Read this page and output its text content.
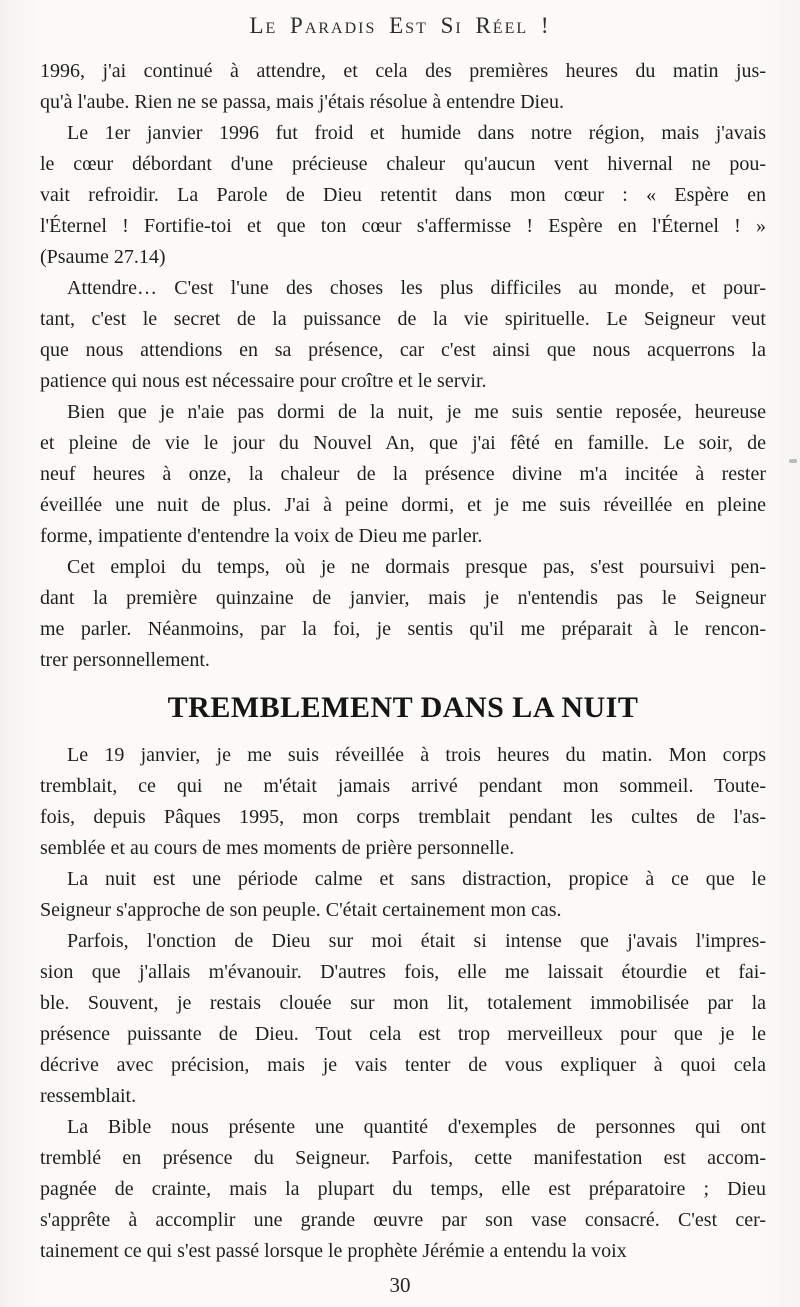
Le Paradis Est Si Réel !
1996, j'ai continué à attendre, et cela des premières heures du matin jus-
qu'à l'aube. Rien ne se passa, mais j'étais résolue à entendre Dieu.
Le 1er janvier 1996 fut froid et humide dans notre région, mais j'avais
le cœur débordant d'une précieuse chaleur qu'aucun vent hivernal ne pou-
vait refroidir. La Parole de Dieu retentit dans mon cœur : « Espère en
l'Éternel ! Fortifie-toi et que ton cœur s'affermisse ! Espère en l'Éternel ! »
(Psaume 27.14)
Attendre… C'est l'une des choses les plus difficiles au monde, et pour-
tant, c'est le secret de la puissance de la vie spirituelle. Le Seigneur veut
que nous attendions en sa présence, car c'est ainsi que nous acquerrons la
patience qui nous est nécessaire pour croître et le servir.
Bien que je n'aie pas dormi de la nuit, je me suis sentie reposée, heureuse
et pleine de vie le jour du Nouvel An, que j'ai fêté en famille. Le soir, de
neuf heures à onze, la chaleur de la présence divine m'a incitée à rester
éveillée une nuit de plus. J'ai à peine dormi, et je me suis réveillée en pleine
forme, impatiente d'entendre la voix de Dieu me parler.
Cet emploi du temps, où je ne dormais presque pas, s'est poursuivi pen-
dant la première quinzaine de janvier, mais je n'entendis pas le Seigneur
me parler. Néanmoins, par la foi, je sentis qu'il me préparait à le rencon-
trer personnellement.
TREMBLEMENT DANS LA NUIT
Le 19 janvier, je me suis réveillée à trois heures du matin. Mon corps
tremblait, ce qui ne m'était jamais arrivé pendant mon sommeil. Toute-
fois, depuis Pâques 1995, mon corps tremblait pendant les cultes de l'as-
semblée et au cours de mes moments de prière personnelle.
La nuit est une période calme et sans distraction, propice à ce que le
Seigneur s'approche de son peuple. C'était certainement mon cas.
Parfois, l'onction de Dieu sur moi était si intense que j'avais l'impres-
sion que j'allais m'évanouir. D'autres fois, elle me laissait étourdie et fai-
ble. Souvent, je restais clouée sur mon lit, totalement immobilisée par la
présence puissante de Dieu. Tout cela est trop merveilleux pour que je le
décrive avec précision, mais je vais tenter de vous expliquer à quoi cela
ressemblait.
La Bible nous présente une quantité d'exemples de personnes qui ont
tremblé en présence du Seigneur. Parfois, cette manifestation est accom-
pagnée de crainte, mais la plupart du temps, elle est préparatoire ; Dieu
s'apprête à accomplir une grande œuvre par son vase consacré. C'est cer-
tainement ce qui s'est passé lorsque le prophète Jérémie a entendu la voix
30
